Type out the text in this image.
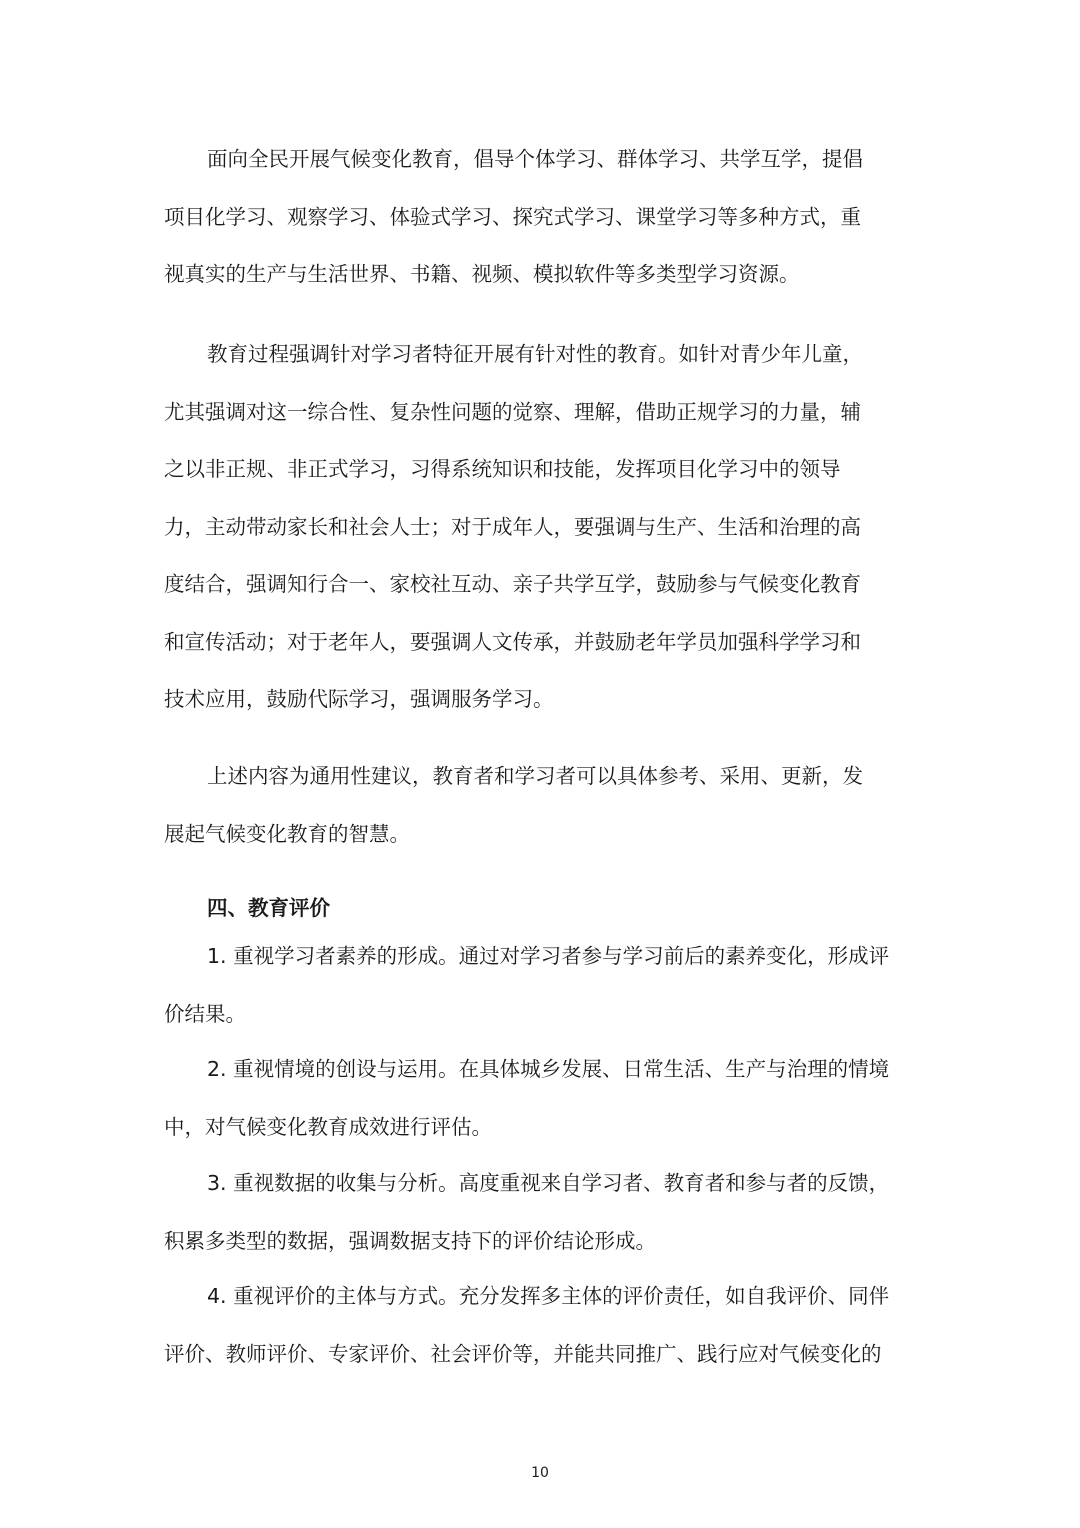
面向全民开展气候变化教育，倡导个体学习、群体学习、共学互学，提倡
项目化学习、观察学习、体验式学习、探究式学习、课堂学习等多种方式，重
视真实的生产与生活世界、书籍、视频、模拟软件等多类型学习资源。
教育过程强调针对学习者特征开展有针对性的教育。如针对青少年儿童，
尤其强调对这一综合性、复杂性问题的觉察、理解，借助正规学习的力量，辅
之以非正规、非正式学习，习得系统知识和技能，发挥项目化学习中的领导
力，主动带动家长和社会人士；对于成年人，要强调与生产、生活和治理的高
度结合，强调知行合一、家校社互动、亲子共学互学，鼓励参与气候变化教育
和宣传活动；对于老年人，要强调人文传承，并鼓励老年学员加强科学学习和
技术应用，鼓励代际学习，强调服务学习。
上述内容为通用性建议，教育者和学习者可以具体参考、采用、更新，发
展起气候变化教育的智慧。
四、教育评价
1. 重视学习者素养的形成。通过对学习者参与学习前后的素养变化，形成评
价结果。
2. 重视情境的创设与运用。在具体城乡发展、日常生活、生产与治理的情境
中，对气候变化教育成效进行评估。
3. 重视数据的收集与分析。高度重视来自学习者、教育者和参与者的反馈，
积累多类型的数据，强调数据支持下的评价结论形成。
4. 重视评价的主体与方式。充分发挥多主体的评价责任，如自我评价、同伴
评价、教师评价、专家评价、社会评价等，并能共同推广、践行应对气候变化的
10
